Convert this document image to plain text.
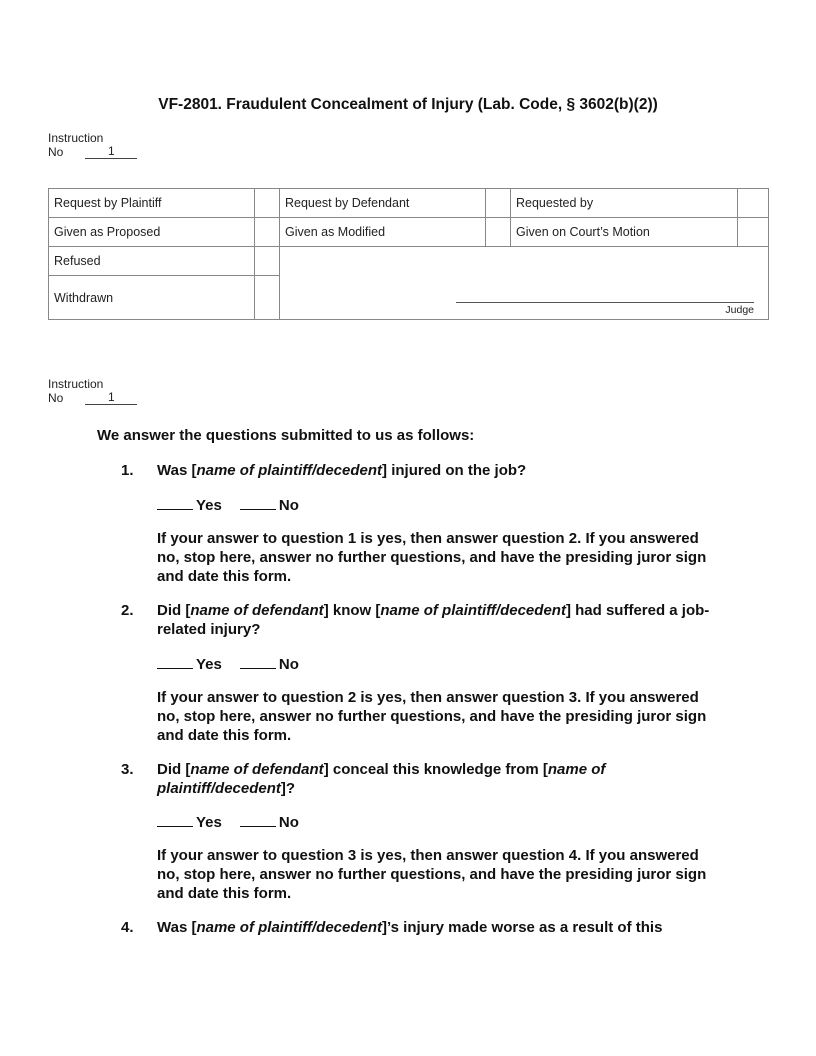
VF-2801. Fraudulent Concealment of Injury (Lab. Code, § 3602(b)(2))
Instruction
No	1
Request by Plaintiff		Request by Defendant		Requested by	
Given as Proposed		Given as Modified		Given on Court’s Motion	
Refused		Judge			

Withdrawn					
Instruction
No	1
We answer the questions submitted to us as follows:
1. Was [name of plaintiff/decedent] injured on the job?
Yes	No
If your answer to question 1 is yes, then answer question 2. If you answered no, stop here, answer no further questions, and have the presiding juror sign and date this form.
2. Did [name of defendant] know [name of plaintiff/decedent] had suffered a job-related injury?
Yes	No
If your answer to question 2 is yes, then answer question 3. If you answered no, stop here, answer no further questions, and have the presiding juror sign and date this form.
3. Did [name of defendant] conceal this knowledge from [name of plaintiff/decedent]?
Yes	No
If your answer to question 3 is yes, then answer question 4. If you answered no, stop here, answer no further questions, and have the presiding juror sign and date this form.
4. Was [name of plaintiff/decedent]’s injury made worse as a result of this
